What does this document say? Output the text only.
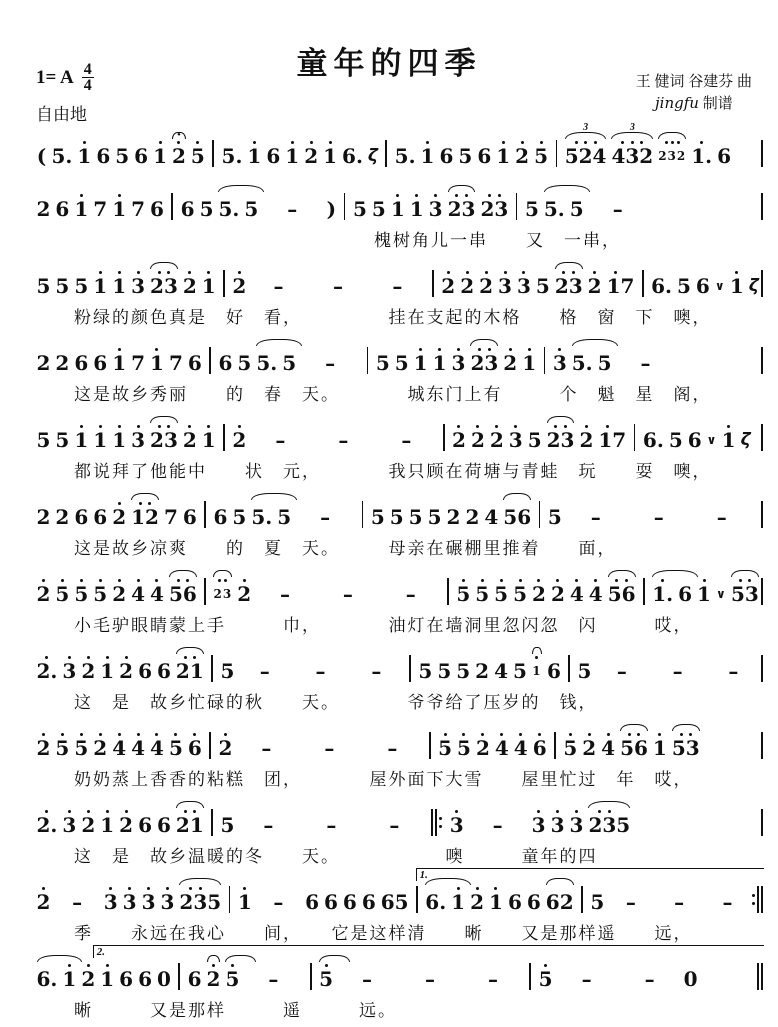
童年的四季
1= A $\frac{4}{4}$
自由地
王 健词 谷建芬 曲
jingfu 制谱
( 5. 1 6 5 6 1
•
2 5 5. 1 6 1 2 1 6. ζ 5. 1 6 5 6 1 2 5
3
524
3
432 232 1. 6
2 6 1 7 1 7 6 6 5 5. 5 – ) 5 5 1 1 3 23 23 5 5. 5 –
槐树角儿一串　　又　一串，
5 5 5 1 1 3 23 2 1 2 – – – 2 2 2 3 3 5 23 2 17 6. 5 6 ∨ 1 ζ
粉绿的颜色真是　好　看，　　　　　挂在支起的木格　　格　窗　下　噢，
2 2 6 6 1 7 1 7 6 6 5 5. 5 – 5 5 1 1 3 23 2 1 3 5. 5 –
这是故乡秀丽　　的　春　天。　　　　城东门上有　　　个　魁　星　阁，
5 5 1 1 1 3 23 2 1 2 –	–	– 2 2 2 3 5 23 2 17 6. 5 6 ∨ 1 ζ
都说拜了他能中　　状　元，　　　　我只顾在荷塘与青蛙　玩　　耍　噢，
2 2 6 6 2 12 7 6 6 5 5. 5 – 5 5 5 5 2 2 4 56 5 –	–	–
这是故乡凉爽　　的　夏　天。　　　母亲在碾棚里推着　　面，
2 5 5 5 2 4 4 56 23 2 –	–	– 5 5 5 5 2 2 4 4 56 1. 6 1 ∨ 53
小毛驴眼睛蒙上手　　　巾，　　　　油灯在墙洞里忽闪忽　闪　　　哎，
2. 3 2 1 2 6 6 21 5 – – – 5 5 5 2 4 5 1 6 5 – – –
这　是　故乡忙碌的秋　　天。　　　　爷爷给了压岁的　钱，
2 5 5 2 4 4 4 5 6 2 –	–	– 5 5 2 4 4 6 5 2 4 56 1 53
奶奶蒸上香香的粘糕　团，　　　　屋外面下大雪　　屋里忙过　年　哎，
2. 3 2 1 2 6 6 21 5 –	–	–	3 – 3 3 3 235
这　是　故乡温暖的冬　　天。　　　　　　噢　　　童年的四
1.
2 – 3 3 3 3 235 1 – 6 6 6 6 65 6. 1 2 1 6 6 62 5 – – –
季　　永远在我心　　间，　　它是这样清　　晰　　又是那样遥　　远，
2.
6. 1 2 1 6 6 0 6 2 5 – 5 –	–	– 5 –	– 0
晰　　　又是那样　　　遥　　　远。
